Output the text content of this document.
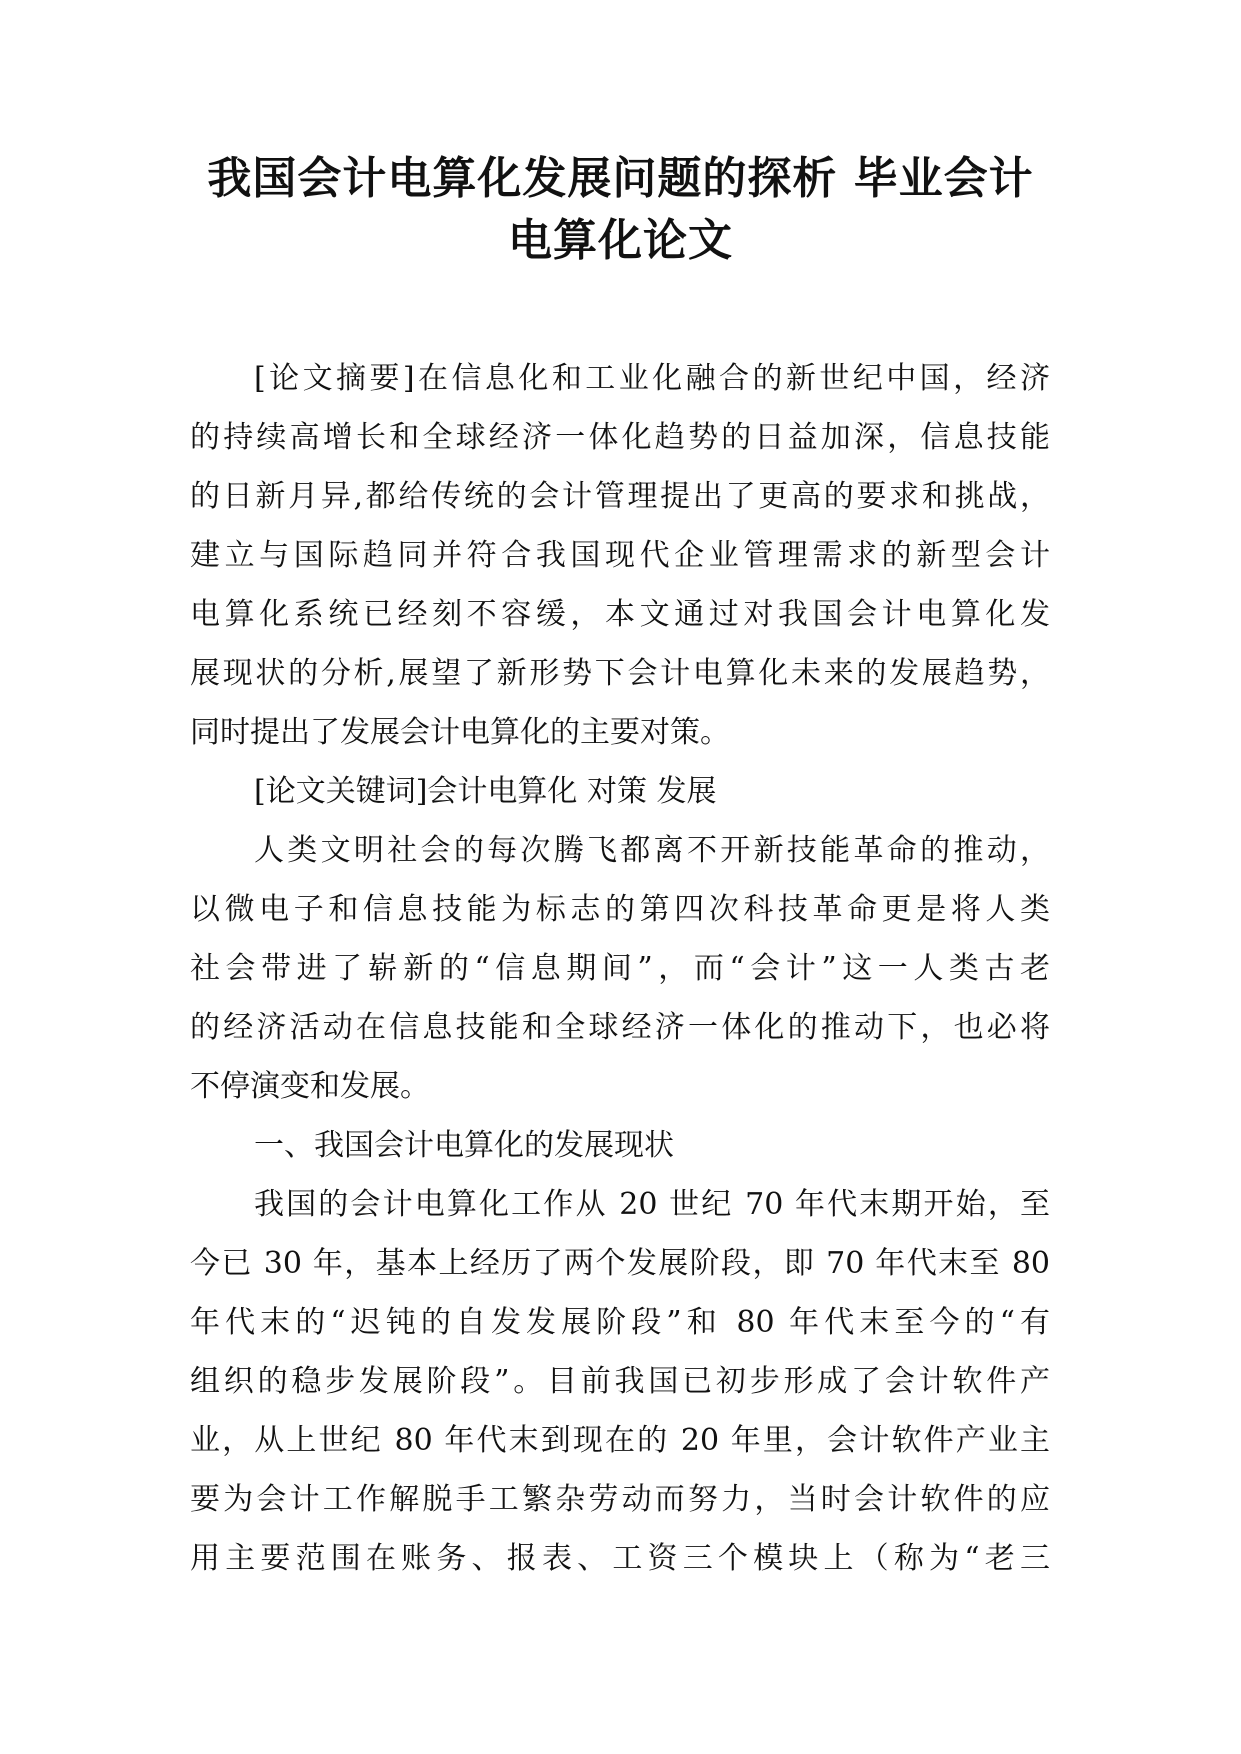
我国会计电算化发展问题的探析 毕业会计
电算化论文
[论文摘要]在信息化和工业化融合的新世纪中国，经济
的持续高增长和全球经济一体化趋势的日益加深，信息技能
的日新月异,都给传统的会计管理提出了更高的要求和挑战，
建立与国际趋同并符合我国现代企业管理需求的新型会计
电算化系统已经刻不容缓，本文通过对我国会计电算化发
展现状的分析,展望了新形势下会计电算化未来的发展趋势，
同时提出了发展会计电算化的主要对策。
[论文关键词]会计电算化 对策 发展
人类文明社会的每次腾飞都离不开新技能革命的推动，
以微电子和信息技能为标志的第四次科技革命更是将人类
社会带进了崭新的“信息期间”，而“会计”这一人类古老
的经济活动在信息技能和全球经济一体化的推动下，也必将
不停演变和发展。
一、我国会计电算化的发展现状
我国的会计电算化工作从 20 世纪 70 年代末期开始，至
今已 30 年，基本上经历了两个发展阶段，即 70 年代末至 80
年代末的“迟钝的自发发展阶段”和 80 年代末至今的“有
组织的稳步发展阶段”。目前我国已初步形成了会计软件产
业，从上世纪 80 年代末到现在的 20 年里，会计软件产业主
要为会计工作解脱手工繁杂劳动而努力，当时会计软件的应
用主要范围在账务、报表、工资三个模块上（称为“老三
